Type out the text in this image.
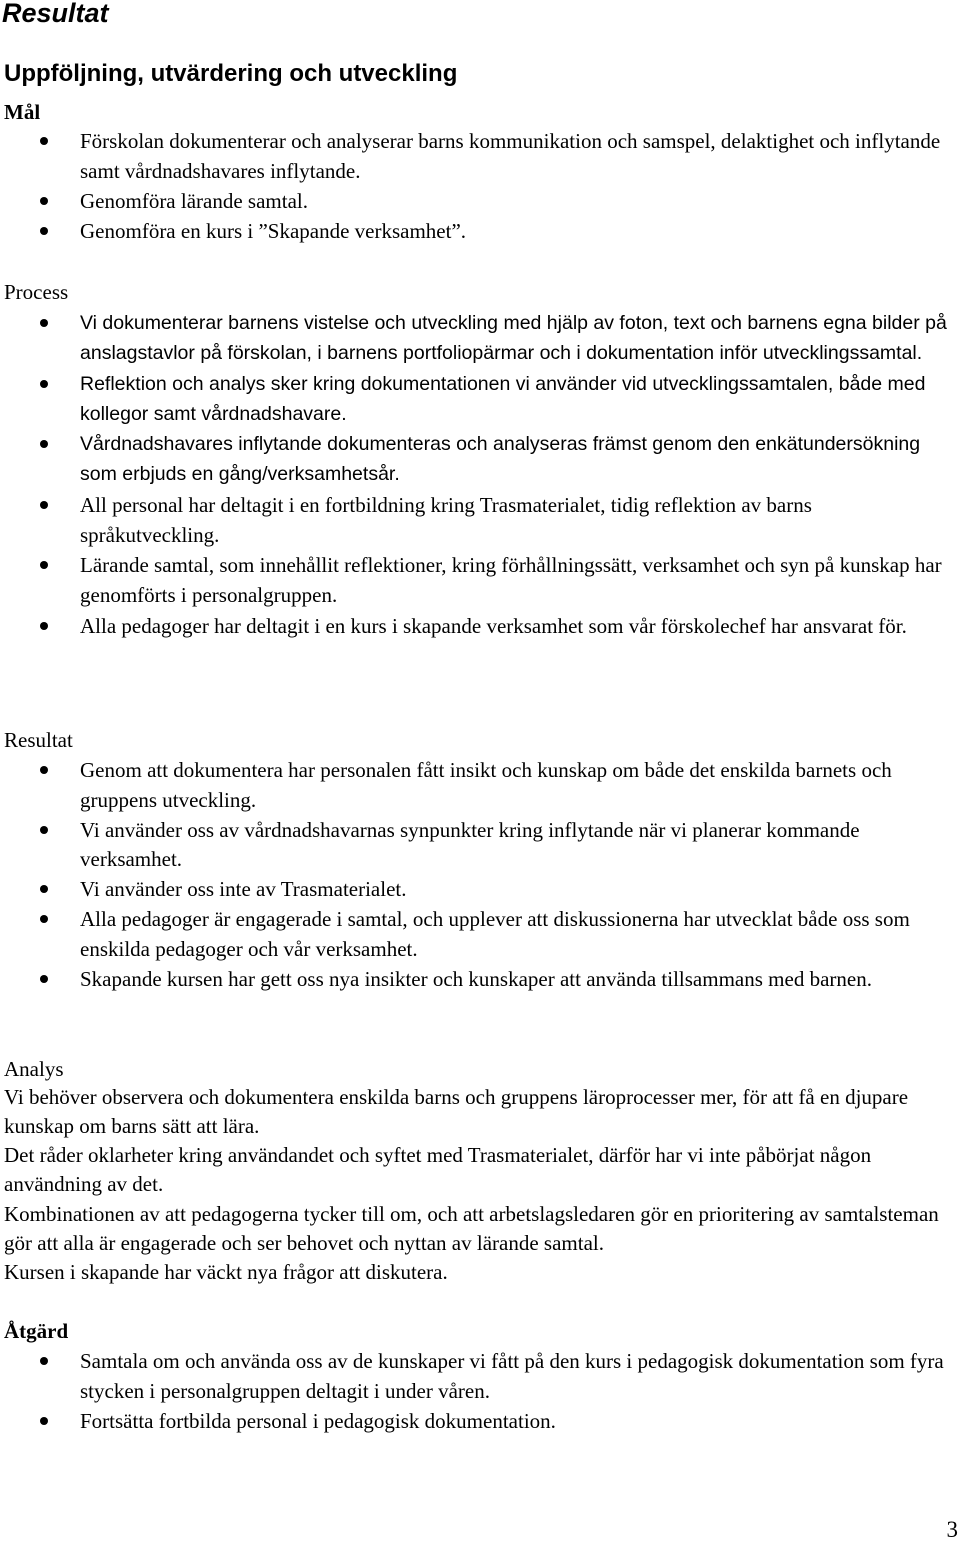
Resultat
Uppföljning, utvärdering och utveckling
Mål
Förskolan dokumenterar och analyserar barns kommunikation och samspel, delaktighet och inflytande samt vårdnadshavares inflytande.
Genomföra lärande samtal.
Genomföra en kurs i ”Skapande verksamhet”.
Process
Vi dokumenterar barnens vistelse och utveckling med hjälp av foton, text och barnens egna bilder på anslagstavlor på förskolan, i barnens portfoliopärmar och i dokumentation inför utvecklingssamtal.
Reflektion och analys sker kring dokumentationen vi använder vid utvecklingssamtalen, både med kollegor samt vårdnadshavare.
Vårdnadshavares inflytande dokumenteras och analyseras främst genom den enkätundersökning som erbjuds en gång/verksamhetsår.
All personal har deltagit i en fortbildning kring Trasmaterialet, tidig reflektion av barns språkutveckling.
Lärande samtal, som innehållit reflektioner, kring förhållningssätt, verksamhet och syn på kunskap har genomförts i personalgruppen.
Alla pedagoger har deltagit i en kurs i skapande verksamhet som vår förskolechef har ansvarat för.
Resultat
Genom att dokumentera har personalen fått insikt och kunskap om både det enskilda barnets och gruppens utveckling.
Vi använder oss av vårdnadshavarnas synpunkter kring inflytande när vi planerar kommande verksamhet.
Vi använder oss inte av Trasmaterialet.
Alla pedagoger är engagerade i samtal, och upplever att diskussionerna har utvecklat både oss som enskilda pedagoger och vår verksamhet.
Skapande kursen har gett oss nya insikter och kunskaper att använda tillsammans med barnen.
Analys

Vi behöver observera och dokumentera enskilda barns och gruppens läroprocesser mer, för att få en djupare kunskap om barns sätt att lära.

Det råder oklarheter kring användandet och syftet med Trasmaterialet, därför har vi inte påbörjat någon användning av det.

Kombinationen av att pedagogerna tycker till om, och att arbetslagsledaren gör en prioritering av samtalsteman gör att alla är engagerade och ser behovet och nyttan av lärande samtal.

Kursen i skapande har väckt nya frågor att diskutera.

Åtgärd
Samtala om och använda oss av de kunskaper vi fått på den kurs i pedagogisk dokumentation som fyra stycken i personalgruppen deltagit i under våren.
Fortsätta fortbilda personal i pedagogisk dokumentation.
3
